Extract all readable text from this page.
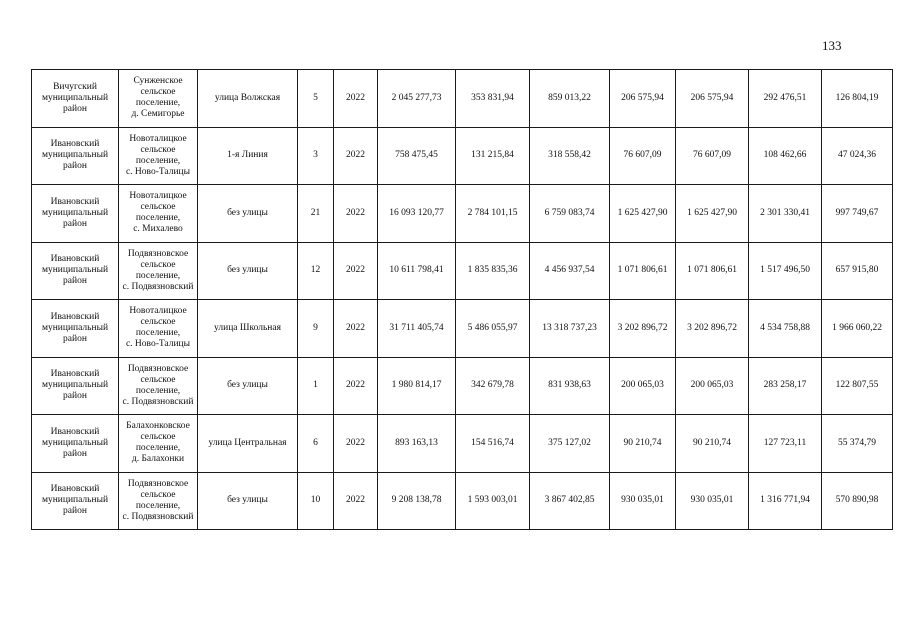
133
Вичугский
муниципальный
район	Сунженское
сельское
поселение,
д. Семигорье	улица Волжская	5	2022	2 045 277,73	353 831,94	859 013,22	206 575,94	206 575,94	292 476,51	126 804,19
Ивановский
муниципальный
район	Новоталицкое
сельское
поселение,
с. Ново-Талицы	1-я Линия	3	2022	758 475,45	131 215,84	318 558,42	76 607,09	76 607,09	108 462,66	47 024,36
Ивановский
муниципальный
район	Новоталицкое
сельское
поселение,
с. Михалево	без улицы	21	2022	16 093 120,77	2 784 101,15	6 759 083,74	1 625 427,90	1 625 427,90	2 301 330,41	997 749,67
Ивановский
муниципальный
район	Подвязновское
сельское
поселение,
с. Подвязновский	без улицы	12	2022	10 611 798,41	1 835 835,36	4 456 937,54	1 071 806,61	1 071 806,61	1 517 496,50	657 915,80
Ивановский
муниципальный
район	Новоталицкое
сельское
поселение,
с. Ново-Талицы	улица Школьная	9	2022	31 711 405,74	5 486 055,97	13 318 737,23	3 202 896,72	3 202 896,72	4 534 758,88	1 966 060,22
Ивановский
муниципальный
район	Подвязновское
сельское
поселение,
с. Подвязновский	без улицы	1	2022	1 980 814,17	342 679,78	831 938,63	200 065,03	200 065,03	283 258,17	122 807,55
Ивановский
муниципальный
район	Балахонковское
сельское
поселение,
д. Балахонки	улица Центральная	6	2022	893 163,13	154 516,74	375 127,02	90 210,74	90 210,74	127 723,11	55 374,79
Ивановский
муниципальный
район	Подвязновское
сельское
поселение,
с. Подвязновский	без улицы	10	2022	9 208 138,78	1 593 003,01	3 867 402,85	930 035,01	930 035,01	1 316 771,94	570 890,98
